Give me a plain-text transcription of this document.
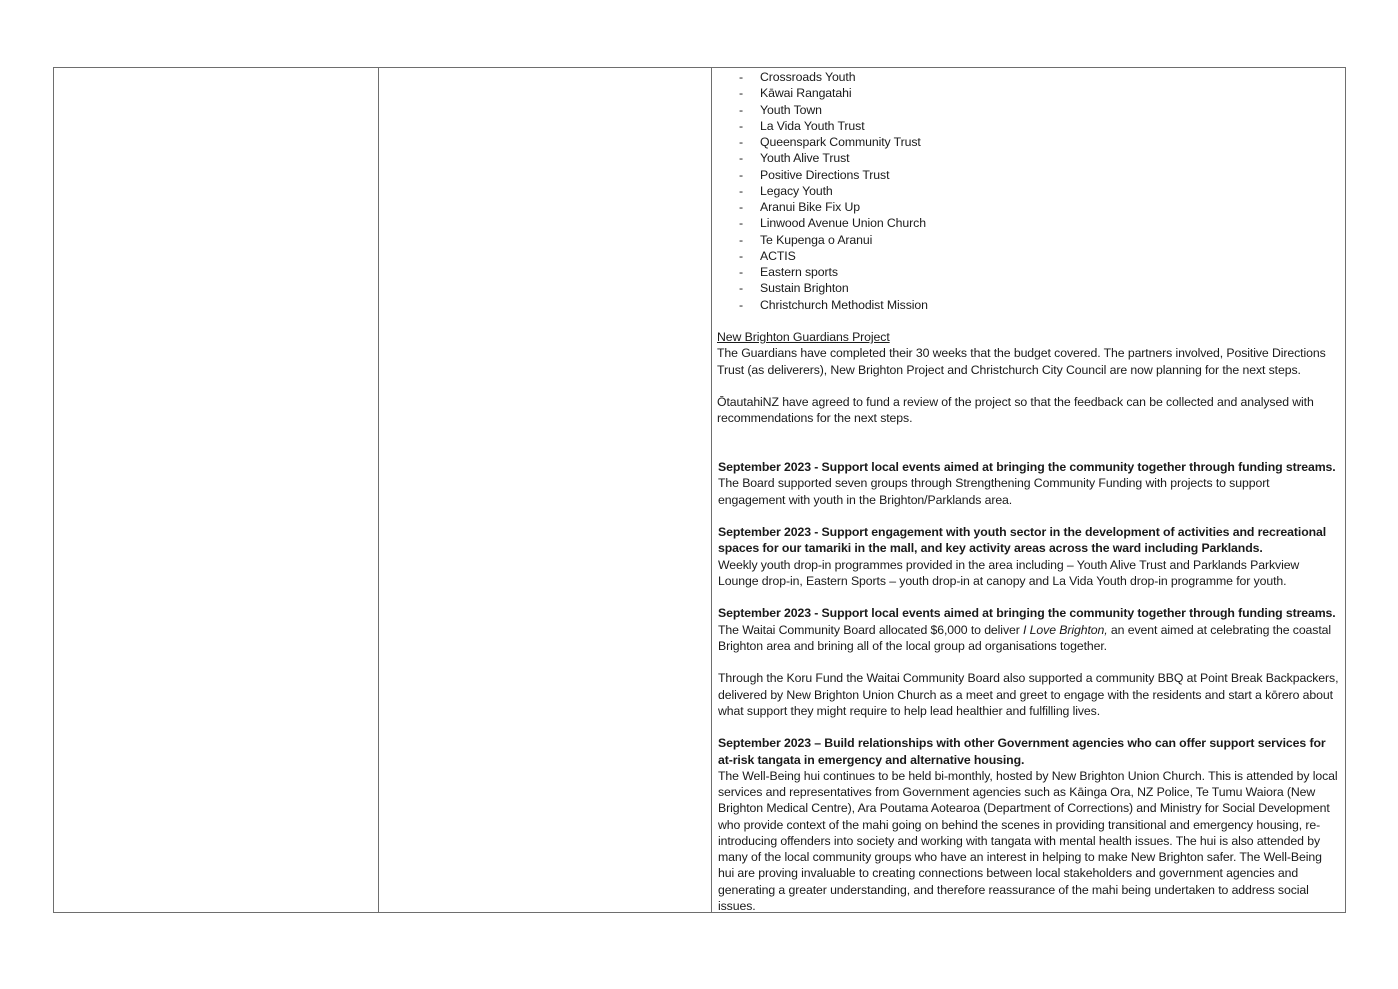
- Crossroads Youth
- Kāwai Rangatahi
- Youth Town
- La Vida Youth Trust
- Queenspark Community Trust
- Youth Alive Trust
- Positive Directions Trust
- Legacy Youth
- Aranui Bike Fix Up
- Linwood Avenue Union Church
- Te Kupenga o Aranui
- ACTIS
- Eastern sports
- Sustain Brighton
- Christchurch Methodist Mission

New Brighton Guardians Project

The Guardians have completed their 30 weeks that the budget covered. The partners involved, Positive Directions Trust (as deliverers), New Brighton Project and Christchurch City Council are now planning for the next steps.

ŌtautahiNZ have agreed to fund a review of the project so that the feedback can be collected and analysed with recommendations for the next steps.

September 2023 - Support local events aimed at bringing the community together through funding streams.

The Board supported seven groups through Strengthening Community Funding with projects to support engagement with youth in the Brighton/Parklands area.

September 2023 - Support engagement with youth sector in the development of activities and recreational spaces for our tamariki in the mall, and key activity areas across the ward including Parklands.

Weekly youth drop-in programmes provided in the area including – Youth Alive Trust and Parklands Parkview Lounge drop-in, Eastern Sports – youth drop-in at canopy and La Vida Youth drop-in programme for youth.

September 2023 - Support local events aimed at bringing the community together through funding streams.

The Waitai Community Board allocated $6,000 to deliver I Love Brighton, an event aimed at celebrating the coastal Brighton area and brining all of the local group ad organisations together.

Through the Koru Fund the Waitai Community Board also supported a community BBQ at Point Break Backpackers, delivered by New Brighton Union Church as a meet and greet to engage with the residents and start a kōrero about what support they might require to help lead healthier and fulfilling lives.

September 2023 – Build relationships with other Government agencies who can offer support services for at-risk tangata in emergency and alternative housing.

The Well-Being hui continues to be held bi-monthly, hosted by New Brighton Union Church. This is attended by local services and representatives from Government agencies such as Kāinga Ora, NZ Police, Te Tumu Waiora (New Brighton Medical Centre), Ara Poutama Aotearoa (Department of Corrections) and Ministry for Social Development who provide context of the mahi going on behind the scenes in providing transitional and emergency housing, re-introducing offenders into society and working with tangata with mental health issues. The hui is also attended by many of the local community groups who have an interest in helping to make New Brighton safer. The Well-Being hui are proving invaluable to creating connections between local stakeholders and government agencies and generating a greater understanding, and therefore reassurance of the mahi being undertaken to address social issues.
